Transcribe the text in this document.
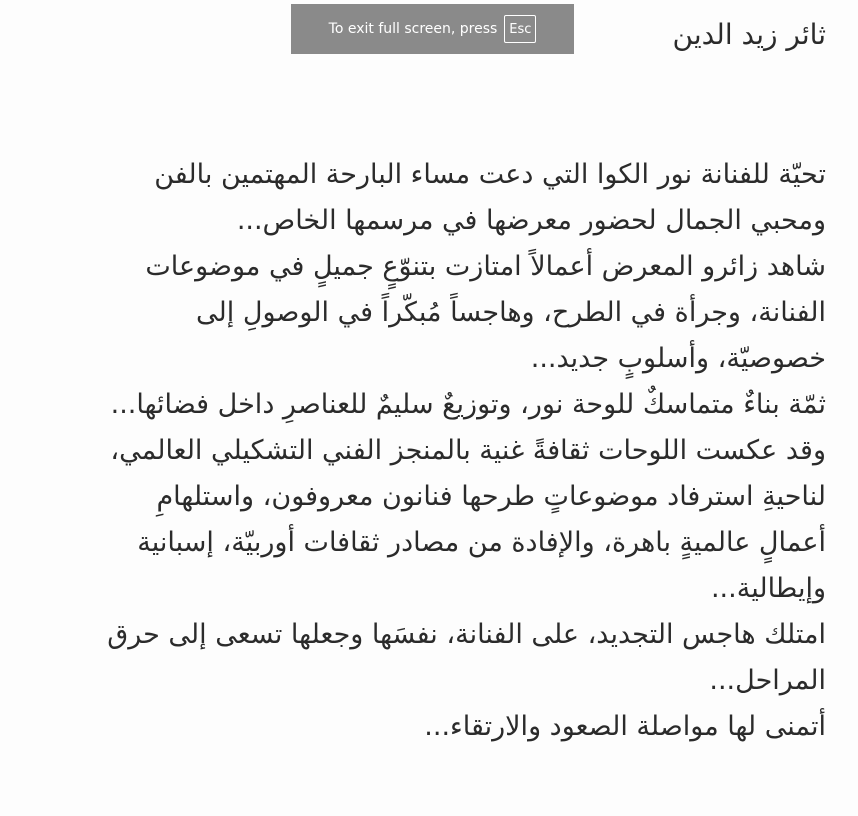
To exit full screen, press Esc	ثائر زيد الدين
تحيّة للفنانة نور الكوا التي دعت مساء البارحة المهتمين بالفن
ومحبي الجمال لحضور معرضها في مرسمها الخاص...
شاهد زائرو المعرض أعمالاً امتازت بتنوّعٍ جميلٍ في موضوعات
الفنانة، وجرأة في الطرح، وهاجساً مُبكّراً في الوصولِ إلى
خصوصيّة، وأسلوبٍ جديد...
ثمّة بناءٌ متماسكٌ للوحة نور، وتوزيعٌ سليمٌ للعناصرِ داخل فضائها...
وقد عكست اللوحات ثقافةً غنية بالمنجز الفني التشكيلي العالمي،
لناحيةِ استرفاد موضوعاتٍ طرحها فنانون معروفون، واستلهامِ
أعمالٍ عالميةٍ باهرة، والإفادة من مصادر ثقافات أوربيّة، إسبانية
وإيطالية...
امتلك هاجس التجديد، على الفنانة، نفسَها وجعلها تسعى إلى حرق
المراحل...
أتمنى لها مواصلة الصعود والارتقاء...
